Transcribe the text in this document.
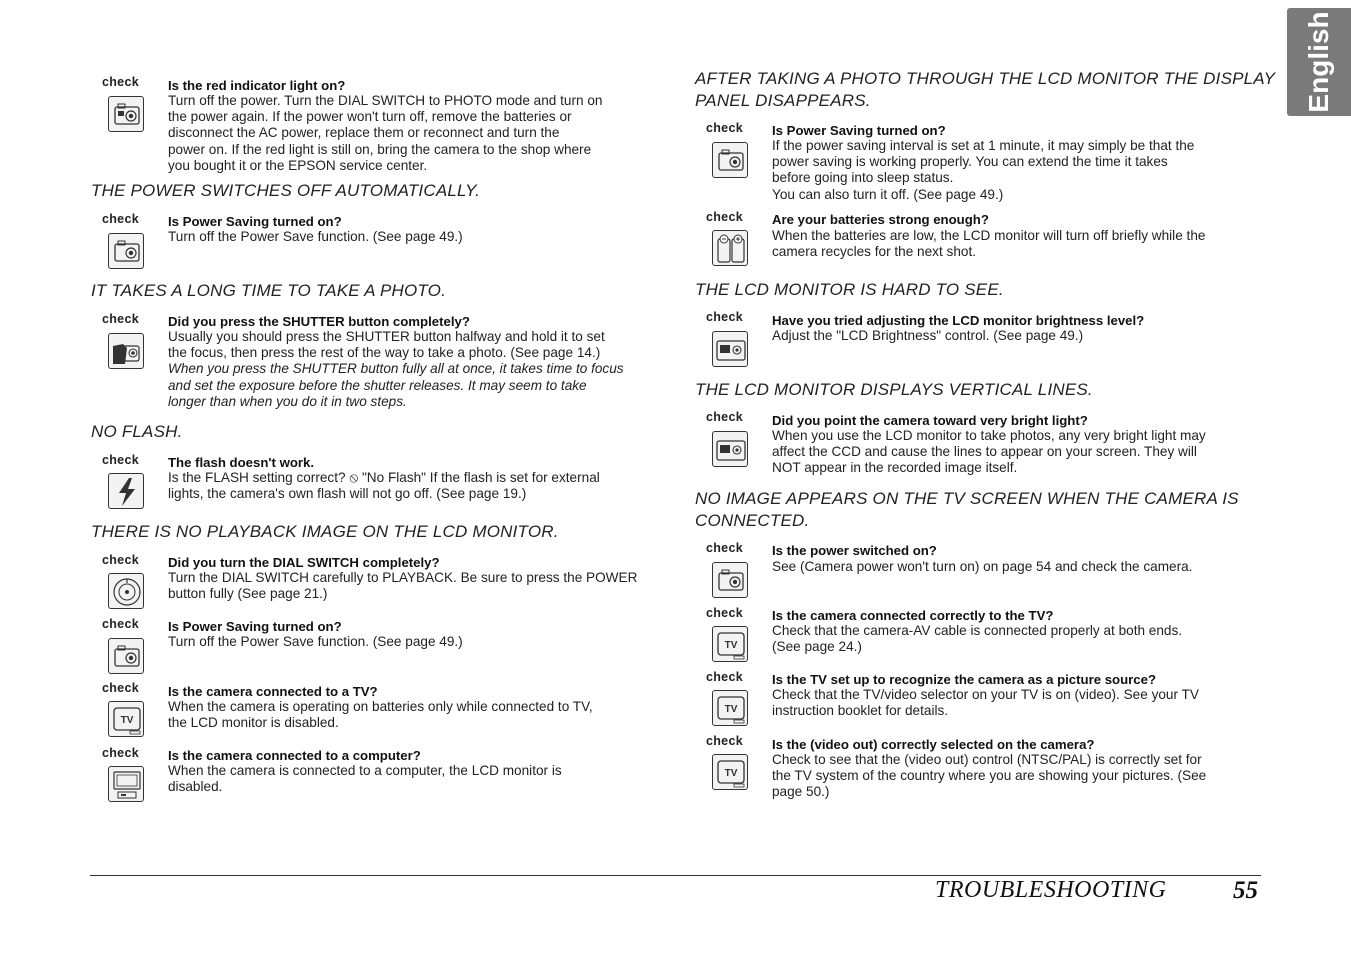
English
check Is the red indicator light on?
Turn off the power. Turn the DIAL SWITCH to PHOTO mode and turn on
the power again. If the power won't turn off, remove the batteries or
disconnect the AC power, replace them or reconnect and turn the
power on. If the red light is still on, bring the camera to the shop where
you bought it or the EPSON service center.
THE POWER SWITCHES OFF AUTOMATICALLY.
check Is Power Saving turned on?
Turn off the Power Save function. (See page 49.)
IT TAKES A LONG TIME TO TAKE A PHOTO.
check Did you press the SHUTTER button completely?
Usually you should press the SHUTTER button halfway and hold it to set
the focus, then press the rest of the way to take a photo. (See page 14.)
When you press the SHUTTER button fully all at once, it takes time to focus
and set the exposure before the shutter releases. It may seem to take
longer than when you do it in two steps.
NO FLASH.
check The flash doesn't work.
Is the FLASH setting correct? ⦸ "No Flash" If the flash is set for external
lights, the camera's own flash will not go off. (See page 19.)
THERE IS NO PLAYBACK IMAGE ON THE LCD MONITOR.
check Did you turn the DIAL SWITCH completely?
Turn the DIAL SWITCH carefully to PLAYBACK. Be sure to press the POWER
button fully (See page 21.)
check Is Power Saving turned on?
Turn off the Power Save function. (See page 49.)
check
TV
Is the camera connected to a TV?
When the camera is operating on batteries only while connected to TV,
the LCD monitor is disabled.
check Is the camera connected to a computer?
When the camera is connected to a computer, the LCD monitor is
disabled.
AFTER TAKING A PHOTO THROUGH THE LCD MONITOR THE DISPLAY
PANEL DISAPPEARS.
check Is Power Saving turned on?
If the power saving interval is set at 1 minute, it may simply be that the
power saving is working properly. You can extend the time it takes
before going into sleep status.
You can also turn it off. (See page 49.)
check Are your batteries strong enough?
When the batteries are low, the LCD monitor will turn off briefly while the
camera recycles for the next shot.
THE LCD MONITOR IS HARD TO SEE.
check Have you tried adjusting the LCD monitor brightness level?
Adjust the "LCD Brightness" control. (See page 49.)
THE LCD MONITOR DISPLAYS VERTICAL LINES.
check Did you point the camera toward very bright light?
When you use the LCD monitor to take photos, any very bright light may
affect the CCD and cause the lines to appear on your screen. They will
NOT appear in the recorded image itself.
NO IMAGE APPEARS ON THE TV SCREEN WHEN THE CAMERA IS
CONNECTED.
check Is the power switched on?
See (Camera power won't turn on) on page 54 and check the camera.
check
TV
Is the camera connected correctly to the TV?
Check that the camera-AV cable is connected properly at both ends.
(See page 24.)
check
TV
Is the TV set up to recognize the camera as a picture source?
Check that the TV/video selector on your TV is on (video). See your TV
instruction booklet for details.
check
TV
Is the (video out) correctly selected on the camera?
Check to see that the (video out) control (NTSC/PAL) is correctly set for
the TV system of the country where you are showing your pictures. (See
page 50.)
TROUBLESHOOTING	55
